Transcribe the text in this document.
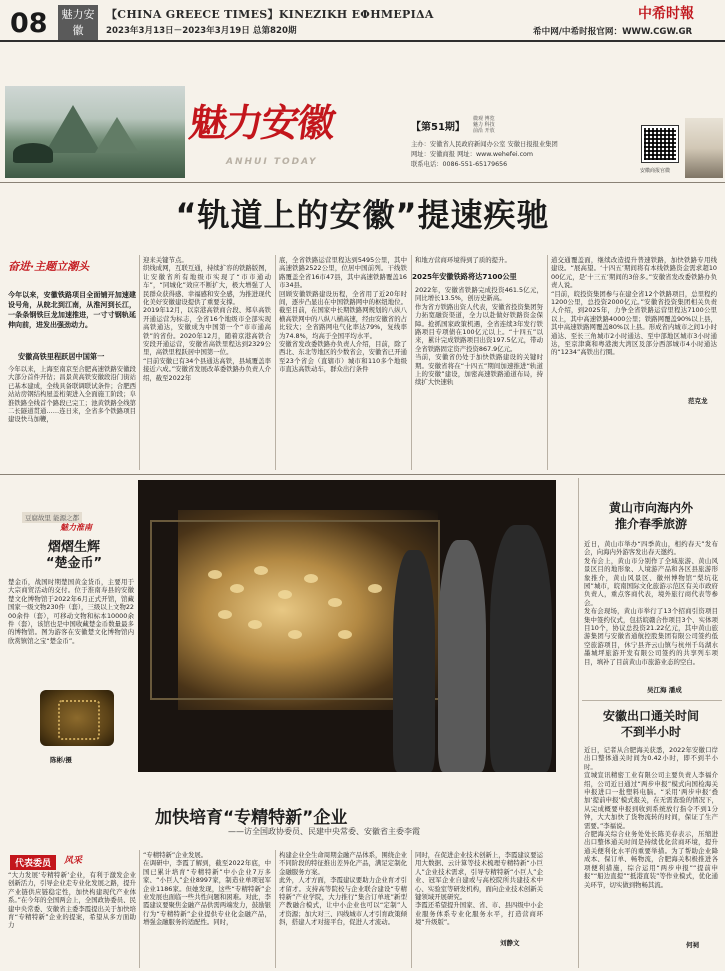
08	魅力安徽
【CHINA GREECE TIMES】KINEZIKH EΦHMEPIΔA
2023年3月13日－2023年3月19日 总第820期
中希时報
希中网/中希时报官网：WWW.CGW.GR
魅力安徽
ANHUI TODAY
【第51期】
微观 博览
魅力 科技
前沿 开放
主办：安徽省人民政府新闻办公室 安徽日报报业集团
网址：安徽商报 网址：www.wehefei.com
联系电话：0086-551-65179656
安徽商报官微
“轨道上的安徽”提速疾驰
奋进·主题立潮头
今年以来，安徽铁路项目全面铺开加速建设号角，从皖北到江南，从淮河到长江，一条条钢铁巨龙加速推进，一寸寸钢轨延伸向前，进发出强劲动力。
安徽高铁里程跃居中国第一
今年以来，上海至南京至合肥高速铁路安徽段大部分首件开钻；昌景黄高铁安徽段沿门街站已基本建成，全线具备联调联试条件；合肥西站站房钢结构屋盖桁架进入全面施工阶段；阜淮铁路全线首个路段已完工；池黄铁路全线第二长隧道贯通……连日来，全省多个铁路项目建设快马加鞭，
迎来关键节点。
织线成网，互联互通，持续扩容的铁路版图，让安徽省所有地级市实现了“市市通动车”，“同城化”效应不断扩大，极大增强了人民群众获得感、幸福感和安全感，为推进现代化美好安徽建设提供了重要支撑。
2019年12月，以京港高铁商合段、郑阜高铁开通运营为标志，全省16个地级市全部实现高铁通达，安徽成为中国第一个“市市通高铁”的省份。2020年12月，随着京港高铁合安段开通运营，安徽省高铁里程达到2329公里，高铁里程跃居中国第一位。
“目前安徽已有34个县通达高铁，县域覆盖率接近六成。”安徽省发展改革委铁路办负责人介绍，截至2022年
底，全省铁路运营里程达到5495公里，其中高速铁路2522公里，位居中国前列。干线铁路覆盖全省16市47县，其中高速铁路覆盖16市34县。
回顾安徽铁路建设历程，全省用了近20年时间，逐步凸显出在中国铁路网中的枢纽地位。截至目前，在国家中长期铁路网规划的八纵八横高铁网中的八纵八横高速，经由安徽省的占比较大；全省路网电气化率达79%，复线率为74.8%，均高于全国平均水平。
安徽省发改委铁路办负责人介绍，目前，除了西北、东北等地区的少数省会，安徽省已开通至23个省会（直辖市）城市和110多个地级市直达高铁动车，群众出行条件
和地方营商环境得到了质的提升。
2025年安徽铁路将达7100公里
2022年，安徽省铁路完成投资461.5亿元，同比增长13.5%，创历史新高。
作为省方铁路出资人代表，安徽省投资集团努力拓宽融资渠道，全力以赴做好铁路资金保障。抢抓国家政策机遇，全省连续3年发行铁路项目专项债在100亿元以上。“十四五”以来，累计完成铁路项目出资197.5亿元，带动全省铁路固定资产投资867.9亿元。
当前，安徽省仍处于加快铁路建设的关键时期。安徽省将在“十四五”期间加速推进“轨道上的安徽”建设，加密高速铁路通道布局，持续扩大快速轨
道交通覆盖面，继续改造提升普速铁路，加快铁路专用线建设。“展高望。‘十四五’期间将有本线铁路资金需求超1000亿元，是‘十三五’期间的3倍多。”安徽省发改委铁路办负责人说。
“目前，皖投资集团参与在建全省12个铁路项目，总里程约1200公里，总投资2000亿元。”安徽省投资集团相关负责人介绍，到2025年，力争全省铁路运营里程达7100公里以上，其中高速铁路4000公里；铁路网覆盖90%以上县，其中高速铁路网覆盖80%以上县。形成省内城市之间1小时通达、至长三角城市2小时通达、至中部地区城市3小时通达，至京津冀和粤港澳大湾区及部分西部城市4小时通达的“1234”高铁出行圈。
范克龙
豆腐故里 能源之都
魅力淮南
熠熠生辉
“楚金币”
楚金币，战国时期楚国黄金货币，主要用于大宗商贸活动的交付。位于淮南寿县的安徽楚文化博物馆于2022年6月正式开馆，馆藏国家一级文物230件（套），三级以上文物2200余件（套），可移动文物和标本10000余件（套），该馆也是中国收藏楚金币数量最多的博物馆。图为游客在安徽楚文化博物馆内欣赏镇馆之宝“楚金币”。
陈彬/摄
黄山市向海内外
推介春季旅游
近日，黄山市举办“四季黄山，相约春天”发布会，向海内外游客发出春天邀约。
发布会上，黄山市分别作了全域旅游、黄山风景区目的地形象、人境游产品和各区县旅游形象推介，黄山风景区、徽州博物馆“梨坑花园”城市，皖南国际文化旅游示范区有关市政府负责人，重点客商代表，境外旅行商代表等参会。
发布会现场，黄山市举行了13个招商引资项目集中签约仪式，包括皖赣合作项目3个、实体项目10个，协议总投资21.22亿元，其中黄山旅游集团与安徽省通航控股集团有限公司签约低空旅游项目，休宁县齐云山镇与杭州千岛湖水墨城坪旅游开发有限公司签约的共享列车项目，填补了目前黄山市旅游业态的空白。
吴江海 潘成
安徽出口通关时间
不到半小时
近日，记者从合肥海关获悉，2022年安徽口岸出口整体通关时间为0.42小时，即不到半小时。
宣城宣讯精密工业有限公司主要负责人李福介绍，公司近日通过“两步申报”模式向国检海关申报进口一批塑料电脑。“采用‘两步申报’叠加‘提前申报’模式报关，在无需查验的情况下，从完成概要申报到收到系统放行指令不到1分钟，大大加快了货物流转的时间，保证了生产需要。”李福说。
合肥海关综合业务处处长陈美春表示，压缩进出口整体通关时间是持续优化营商环境，提升通关便利化水平的重要举措。为了帮助企业降成本、保订单、畅物流，合肥海关积极推进各项便利措施，综合运用“两步申报”“提前申报”“船边直提”“抵港直装”等作业模式，优化通关环节，切实做到物畅其流。
何祠
加快培育“专精特新”企业
——访全国政协委员、民建中央常委、安徽省主委李霞
代表委员	风采
“大力发展‘专精特新’企业，有利于激发企业创新活力，引导企业走专业化发展之路，提升产业链供应链稳定性，加快构建现代产业体系。”在今年的全国两会上，全国政协委员、民建中央常委、安徽省主委李霞提出关于加快培育“专精特新”企业的提案，希望从多方面助力
“专精特新”企业发展。
在调研中，李霞了解到，截至2022年底，中国已累计培育“专精特新”中小企业7万多家、“小巨人”企业8997家，制造业单项冠军企业1186家。但她发现，这些“专精特新”企业发展也面临一些共性问题和困难。对此，李霞建议要聚焦金融产品供需两端发力，鼓励银行为“专精特新”企业提供专业化金融产品，增强金融服务的适配性。同时，
构建企业全生命周期金融产品体系，围绕企业不同阶段的特征推出差异化产品，满足定制化金融服务方案。
此外，人才方面，李霞建议要助力企业育才引才留才。支持高等院校与企业联合建设“专精特新”产业学院，大力推行“集合订单班”新型产教融合模式，让中小企业也可以“定制”人才资源；加大对三、四线城市人才引育政策倾斜，搭建人才对接平台，促进人才流动。
同时，在促进企业技术创新上，李霞建议要运用大数据、云计算等技术梳理专精特新“小巨人”企业技术需求，引导专精特新“小巨人”企业、冠军企业自建或与高校院所共建技术中心、实验室等研发机构，面向企业技术创新关键领域开展研究。
李霞还希望提升国家、省、市、县四级中小企业服务体系专业化服务水平，打造营商环境“升级版”。
刘静文
